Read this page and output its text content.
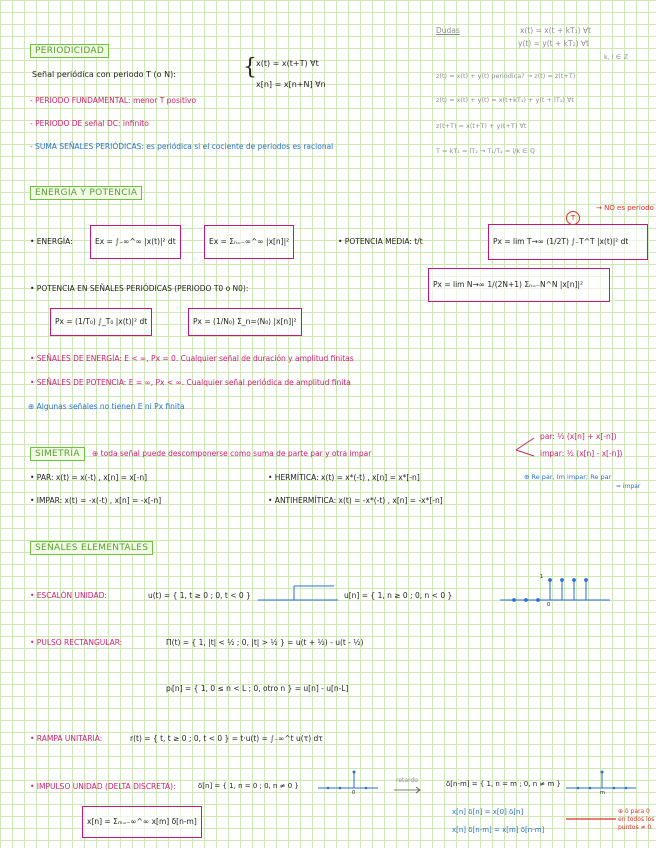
PERIODICIDAD
Señal periódica con periodo T (o N):	{ x(t) = x(t+T) ∀t
x[n] = x[n+N] ∀n
- PERIODO FUNDAMENTAL: menor T positivo
- PERIODO DE señal DC: infinito
- SUMA SEÑALES PERIÓDICAS: es periódica si el cociente de periodos es racional
Dudas	x(t) = x(t + kT₁) ∀t
y(t) = y(t + kT₂) ∀t
k, l ∈ ℤ
z(t) = x(t) + y(t) periódica? → z(t) = z(t+T)
z(t) = x(t) + y(t) = x(t+kT₁) + y(t + lT₂) ∀t
z(t+T) = x(t+T) + y(t+T) ∀t
T = kT₁ = lT₂ → T₁/T₂ = l/k ∈ ℚ
ENERGÍA Y POTENCIA
• ENERGÍA:	Ex = ∫₋∞^∞ |x(t)|² dt	Ex = Σₙ₌₋∞^∞ |x[n]|²	• POTENCIA MEDIA: t/t	Px = lim T→∞ (1/2T) ∫₋T^T |x(t)|² dt
→ NO es periodo
T
Px = lim N→∞ 1/(2N+1) Σₙ₌₋N^N |x[n]|²
• POTENCIA EN SEÑALES PERIÓDICAS (PERIODO T0 o N0):
Px = (1/T₀) ∫_T₀ |x(t)|² dt	Px = (1/N₀) Σ_n=⟨N₀⟩ |x[n]|²
• SEÑALES DE ENERGÍA: E < ∞, Px = 0. Cualquier señal de duración y amplitud finitas
• SEÑALES DE POTENCIA: E = ∞, Px < ∞. Cualquier señal periódica de amplitud finita
⊕ Algunas señales no tienen E ni Px finita
SIMETRÍA	⊕ toda señal puede descomponerse como suma de parte par y otra impar
par: ½ (x[n] + x[-n])
impar: ½ (x[n] - x[-n])
• PAR: x(t) = x(-t) , x[n] = x[-n]
• IMPAR: x(t) = -x(-t) , x[n] = -x[-n]
• HERMÍTICA: x(t) = x*(-t) , x[n] = x*[-n]
• ANTIHERMÍTICA: x(t) = -x*(-t) , x[n] = -x*[-n]
⊕ Re par, Im impar; Re par
= impar
SEÑALES ELEMENTALES
• ESCALÓN UNIDAD:	u(t) = { 1, t ≥ 0 ; 0, t < 0 }	u[n] = { 1, n ≥ 0 ; 0, n < 0 }
0
1
• PULSO RECTANGULAR:	Π(t) = { 1, |t| < ½ ; 0, |t| > ½ } = u(t + ½) - u(t - ½)
pₗ[n] = { 1, 0 ≤ n < L ; 0, otro n } = u[n] - u[n-L]
• RAMPA UNITARIA:	r(t) = { t, t ≥ 0 ; 0, t < 0 } = t·u(t) = ∫₋∞^t u(τ) dτ
• IMPULSO UNIDAD (DELTA DISCRETA):	δ[n] = { 1, n = 0 ; 0, n ≠ 0 }
0
retardo	δ[n-m] = { 1, n = m ; 0, n ≠ m }
m
x[n] = Σₘ₌₋∞^∞ x[m] δ[n-m]
x[n] δ[n] = x[0] δ[n]
x[n] δ[n-m] = x[m] δ[n-m]
⊕ δ para 0 en todos los puntos ≠ 0
